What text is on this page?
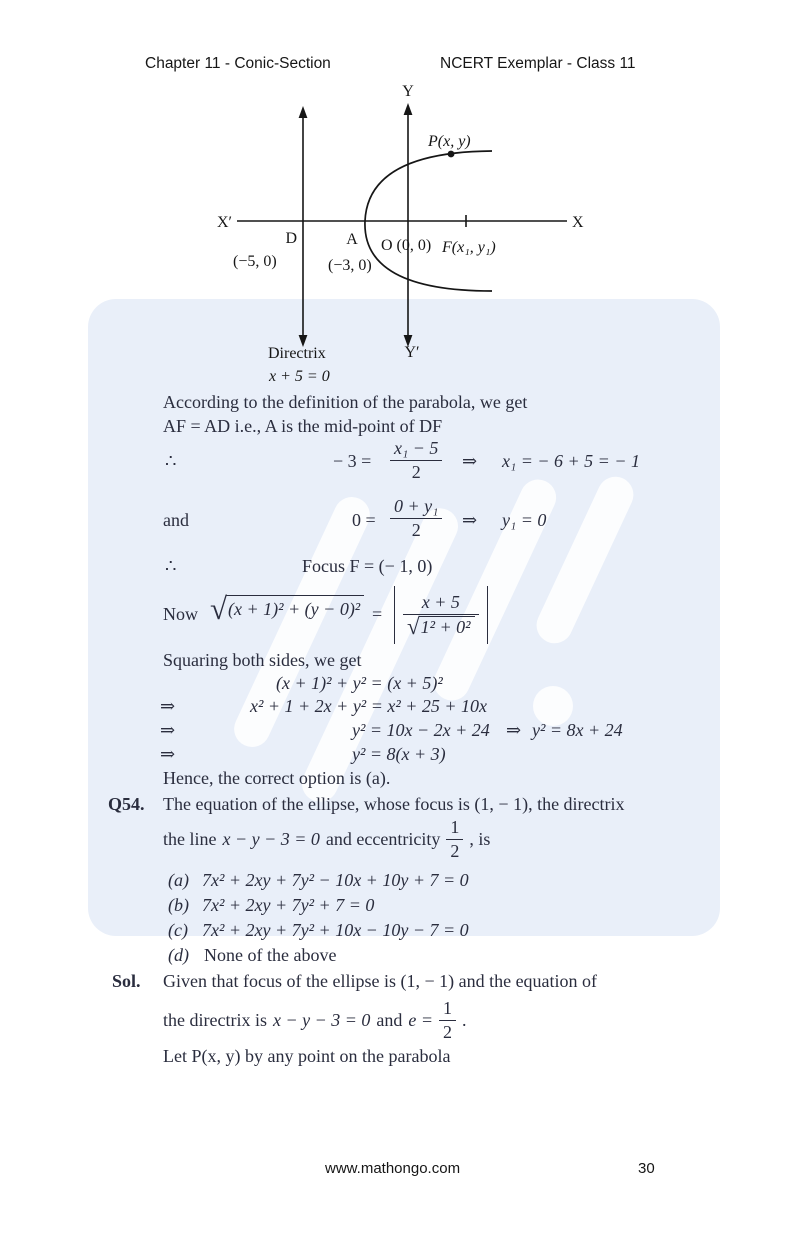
Chapter 11 - Conic-Section	NCERT Exemplar - Class 11
Y
Y′
X′	X
P(x, y)
D
(−5, 0)
A
(−3, 0)
O (0, 0) F(x₁, y₁)
Directrix
x + 5 = 0
According to the definition of the parabola, we get
AF = AD i.e., A is the mid-point of DF
∴	− $3 = \frac{\text{x₁ − 5}}{2}$ ⇒ x₁ = − 6 + 5 = − 1
and	$0 = \frac{\text{0 + y₁}}{2}$ ⇒ y₁ = 0
∴	Focus F = (− 1, 0)
Now √ $(x + 1)^2 + (y - 0)^2 = \frac{x + 5}{\text{√ 1² + 0²}}$
Squaring both sides, we get
(x + 1)² + y² = (x + 5)²
⇒	x² + 1 + 2x + y² = x² + 25 + 10x
⇒	y² = 10x − 2x + 24 ⇒ y² = 8x + 24
⇒	y² = 8(x + 3)
Hence, the correct option is (a).
Q54. The equation of the ellipse, whose focus is (1, − 1), the directrix
the line x − y − 3 = 0 and eccentricity $\frac{1}{2}$ , is
(a) 7x² + 2xy + 7y² − 10x + 10y + 7 = 0
(b) 7x² + 2xy + 7y² + 7 = 0
(c) 7x² + 2xy + 7y² + 10x − 10y − 7 = 0
(d) None of the above
Sol. Given that focus of the ellipse is (1, − 1) and the equation of
the directrix is x − y − 3 = 0 and $e = \frac{1}{2}$ .
Let P(x, y) by any point on the parabola
www.mathongo.com	30
